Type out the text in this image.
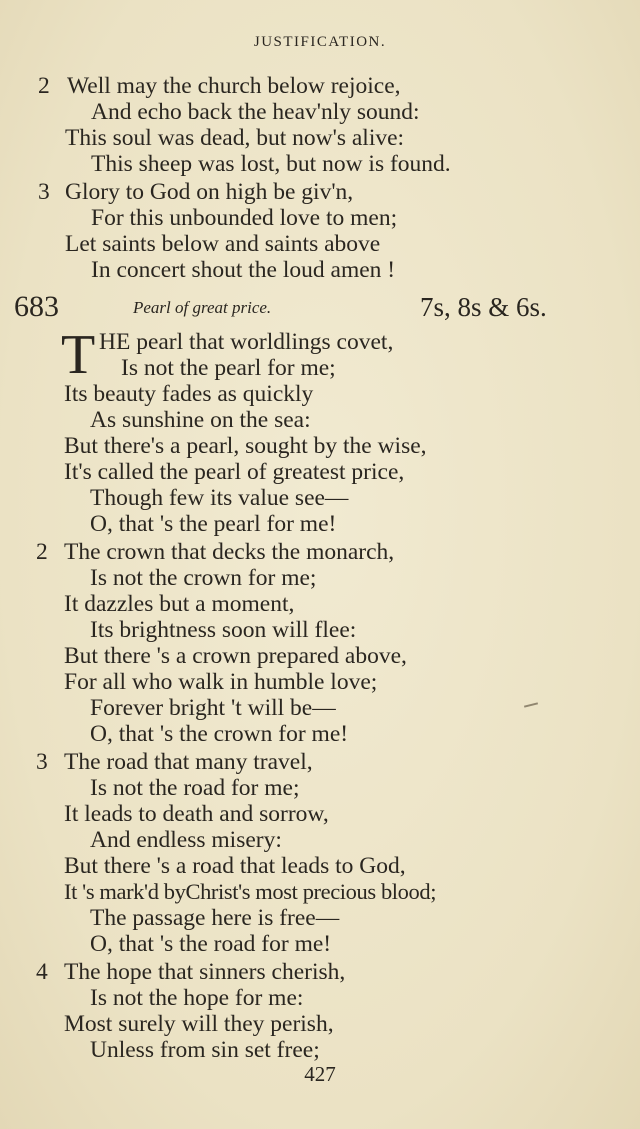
JUSTIFICATION.
2 Well may the church below rejoice,
And echo back the heav'nly sound:
This soul was dead, but now's alive:
This sheep was lost, but now is found.
3 Glory to God on high be giv'n,
For this unbounded love to men;
Let saints below and saints above
In concert shout the loud amen !
683	Pearl of great price.	7s, 8s & 6s.
T HE pearl that worldlings covet,
Is not the pearl for me;
Its beauty fades as quickly
As sunshine on the sea:
But there's a pearl, sought by the wise,
It's called the pearl of greatest price,
Though few its value see—
O, that 's the pearl for me!
2 The crown that decks the monarch,
Is not the crown for me;
It dazzles but a moment,
Its brightness soon will flee:
But there 's a crown prepared above,
For all who walk in humble love;
Forever bright 't will be—
O, that 's the crown for me!
3 The road that many travel,
Is not the road for me;
It leads to death and sorrow,
And endless misery:
But there 's a road that leads to God,
It 's mark'd byChrist's most precious blood;
The passage here is free—
O, that 's the road for me!
4 The hope that sinners cherish,
Is not the hope for me:
Most surely will they perish,
Unless from sin set free;
427
